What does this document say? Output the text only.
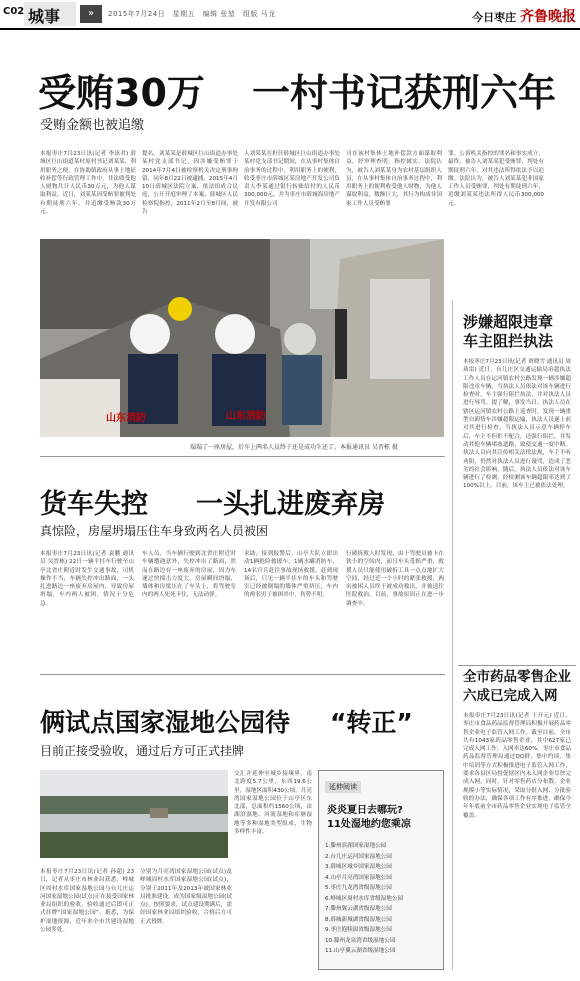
C02 城事	»	2015年7月24日　星期五　编辑 张堃　组版 马龙	今日枣庄 齐鲁晚报
受贿30万 一村书记获刑六年
受贿金额也被追缴
本报枣庄7月23日讯(记者 李泳君) 薛城区巨山街道某村原村书记刘某某，利用职务之便，在协助镇政府从事土地征收补偿等行政管理工作中，非法收受他人财物共计人民币30万元，为他人谋取利益，近日，刘某某因受贿罪被判处有期徒刑六年，并追缴受贿款30万元。
提名，刘某某是薛城区巨山街道办事处某村党支部书记。因涉嫌受贿罪于2014年7月4日被检察机关决定刑事拘留，同年8月22日被逮捕。2015年4月10日薛城区法院立案，依法组成合议庭，公开开庭审理了本案。薛城区人民检察院指控，2011年2月至8月间，被告
人刘某某在担任薛城区巨山街道办事处某村党支部书记期间，在从事村集体自治事务的过程中，利用职务上的便利，收受枣庄市薛城区某房地产开发公司负责人李某通过银行转账给付的人民币300,000元，并为枣庄市薛城海房地产开发有限公司
司在该村集体土地补偿款方面谋取利益，经审理查明，指控属实。法院认为，被告人刘某某身为农村基层组织人员，在从事村集体自治事务过程中，利用职务上的便利收受他人财物，为他人谋取利益，数额巨大，其行为构成非国家工作人员受贿罪
罪。公诉机关指控的罪名和事实成立，最终，被告人刘某某犯受贿罪，判处有期徒刑六年。对其违法所得依法予以追缴。法院认为，被告人刘某某犯非国家工作人员受贿罪，判处有期徒刑六年，追缴刘某某违法所得人民币300,000元。
山东消防	山东消防
塌塌了一座房屋，后车上两名人员终于还是成功生还了。本报通讯员 吴晋栋 摄
涉嫌超限违章
车主阻拦执法
本报枣庄7月23日讯(记者 贾晓雪 通讯员 周琦雷) 近日，台儿庄区交通运输局治超执法工作人员在运河镇农村公路发现一辆涉嫌超限违章车辆，当执法人员依法对该车辆进行检查时，车主强行阻拦执法，并对执法人员进行辱骂。提了解，事发当日，执法人员在辖区运河镇农村公路上巡查时，发现一辆重型自卸货车涉嫌超限运输，执法人员遂上前对其进行检查，当执法人员示意车辆停车后，车主不但拒不配合，还强行阻拦，并发动其他车辆堵塞道路，致使交通一度中断。执法人员向其宣传相关法律法规，车主不听劝阻，仍然对执法人员进行谩骂，造成了恶劣的社会影响。随后，执法人员依法对该车辆进行了检测，经检测该车辆超限率达到了100%以上。目前，该车主已被依法处理。
全市药品零售企业
六成已完成入网
本报枣庄7月23日讯(记者 王开元) 近日，枣庄市食品药品监督管理局积极开展药品零售企业电子监管入网工作，截至目前，全市共有1043家药品零售企业，其中627家已完成入网工作，入网率达60%。枣庄市食品药品监督管理局通过QQ群、集中约谈、集中培训等方式积极推进电子监管入网工作，要求各县区局督促辖区内未入网企业尽快完成入网。同时，针对零售药店分布散、企业规模小等实际情况，采取分批入网、分批验收的办法，确保各项工作有序推进，确保今年年底前全市药品零售企业实现电子监管全覆盖。
货车失控 一头扎进废弃房
真惊险，房屋坍塌压住车身致两名人员被困
本报枣庄7月23日讯(记者 袁鹏 通讯员 吴晋栋) 22日一辆半挂车行驶至山亭北省庄附近时发生交通事故，司机操作不当，车辆失控冲出路面，一头扎进路边一座废弃房屋内，导致房屋坍塌，车内两人被困，情况十分危急。
车人员，当车辆行驶到北省庄附近时车辆遭遇意外，失控冲出了路面，然而在路边有一座废弃的房屋，因为车速过快撞击力度大，房屋瞬间坍塌，墙体和房梁压在了车头上，将驾驶室内的两人死死卡住，无法动弹。
求助，接到报警后，山亭大队立即出动1辆抢险救援车，1辆水罐消防车，14名官兵赶往事故现场救援，赶到现场后，只见一辆半挂车的车头和驾驶室已经被倒塌的墙体严重挤压，车内的两名男子被困其中，伤势不明。
行破拆救人时发现，由于驾驶员被卡在狭小的空间内，而且车头受损严重，救援人员只能使用破拆工具一点点地扩大空间，经过近一个小时的紧张救援，两名被困人员终于被成功救出，并被送往医院救治。目前，事故原因正在进一步调查中。
俩试点国家湿地公园待 “转正”
目前正接受验收，通过后方可正式挂牌
本报枣庄7月23日讯(记者 孙超) 23日，记者从枣庄市林业局获悉，峄城区周村水库国家湿地公园与台儿庄运河国家湿地公园(试点)正在接受国家林业局组织的验收，验收通过后即可正式挂牌“国家湿地公园”。据悉，为保护湿地资源，近年来全市共建设湿地公园多处。
分别为月亮湾国家湿地公园(试点)及峄城周村水库国家湿地公园(试点)，分别于2011年及2013年被国家林业局批准建设，成为国家级湿地公园(试点)。按照要求，试点建设期满后，需经国家林业局组织验收，合格后方可正式授牌。
交汇并延伸至城乡接壤界。南北跨度5.7公里，东西19.6公里，湿地区面积430公顷，月亮湾国家湿地公园位于山亭区东北部，总面积约1560公顷，由湖泊湿地、河流湿地和库塘湿地等多种湿地类型组成，生物多样性丰富。
延伸阅读
炎炎夏日去哪玩?
11处湿地约您乘凉
1.滕州滨湖国家湿地公园
2.台儿庄运河国家湿地公园
3.薛城区城乡国家湿地公园
4.山亭月亮湾国家湿地公园
5.枣庄九龙湾省级湿地公园
6.峄城区周村水库省级湿地公园
7.滕州翼云湖省级湿地公园
8.薛城新城湖省级湿地公园
9.枣庄抱犊崮省级湿地公园
10.滕州龙泉湾省级湿地公园
11.山亭翼云湖省级湿地公园
